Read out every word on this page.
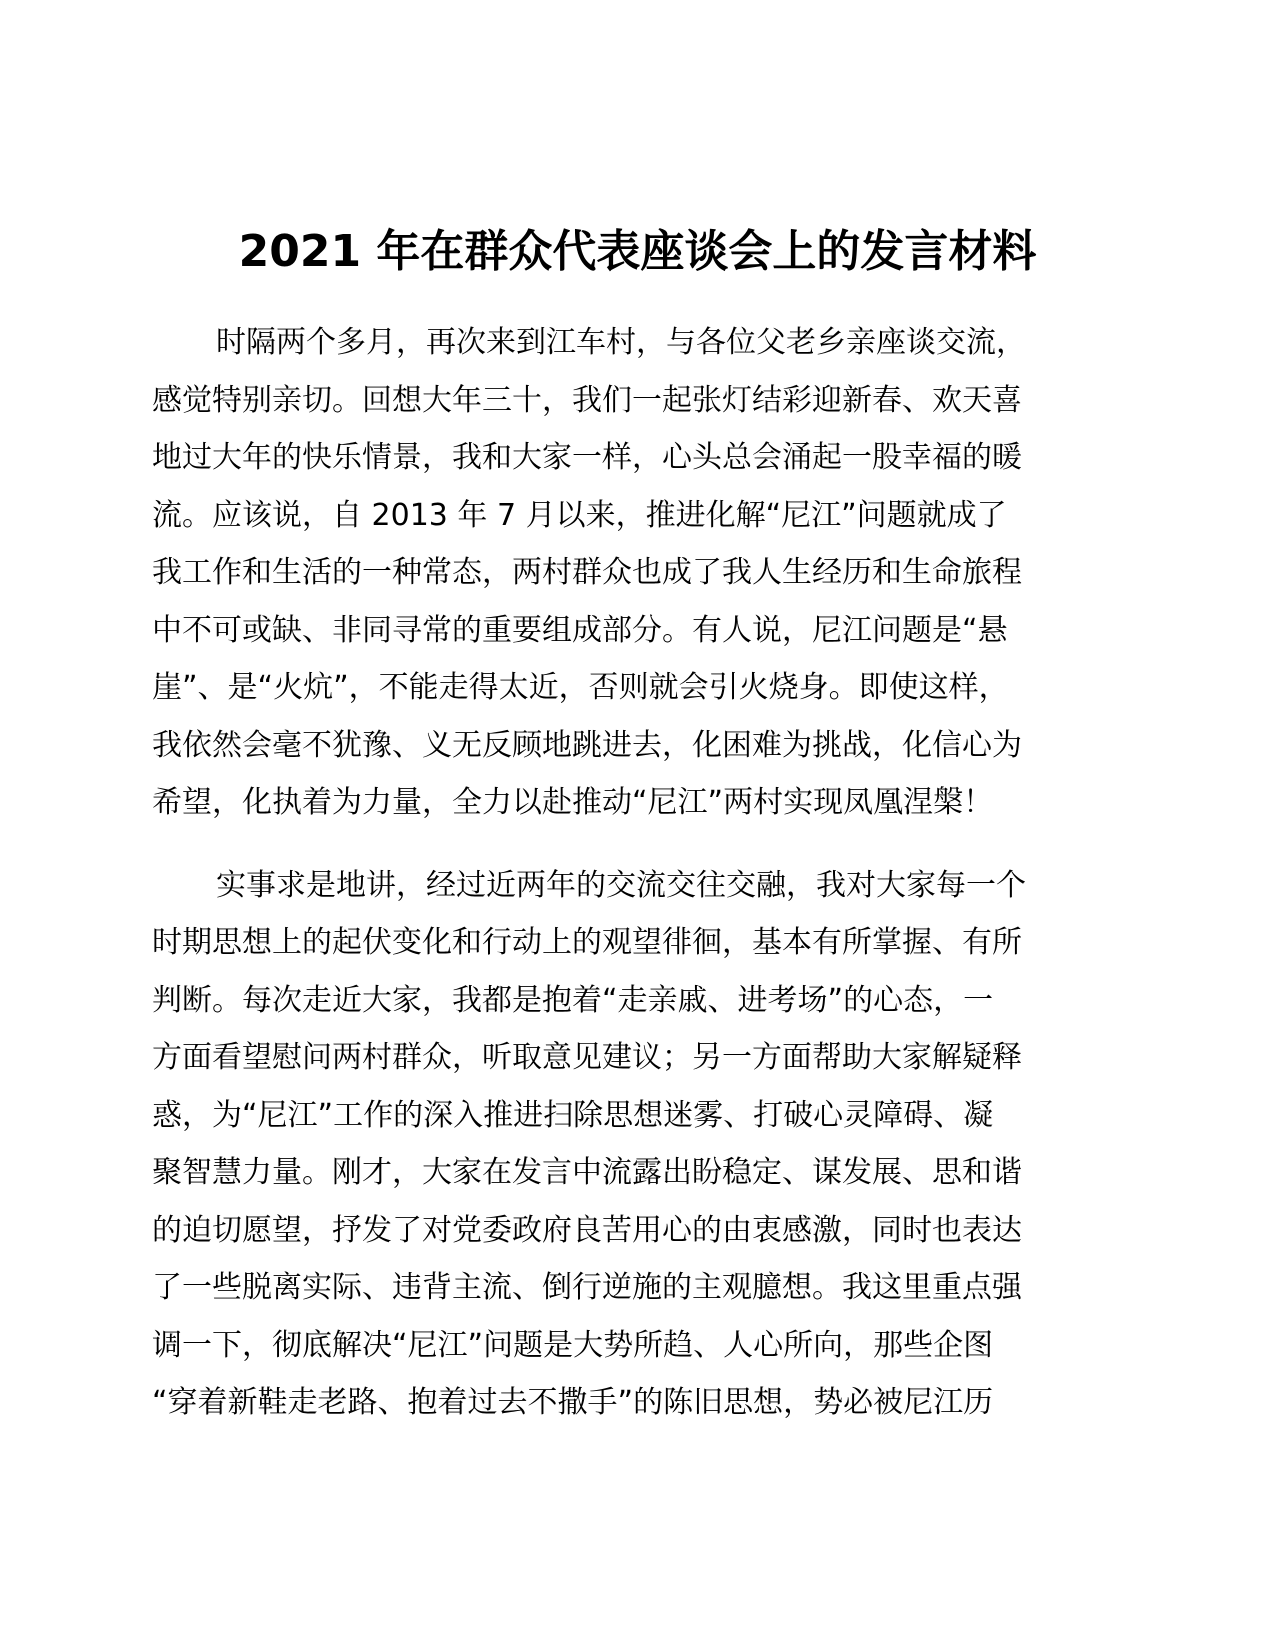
2021 年在群众代表座谈会上的发言材料
时隔两个多月，再次来到江车村，与各位父老乡亲座谈交流，
感觉特别亲切。回想大年三十，我们一起张灯结彩迎新春、欢天喜
地过大年的快乐情景，我和大家一样，心头总会涌起一股幸福的暖
流。应该说，自 2013 年 7 月以来，推进化解“尼江”问题就成了
我工作和生活的一种常态，两村群众也成了我人生经历和生命旅程
中不可或缺、非同寻常的重要组成部分。有人说，尼江问题是“悬
崖”、是“火炕”，不能走得太近，否则就会引火烧身。即使这样，
我依然会毫不犹豫、义无反顾地跳进去，化困难为挑战，化信心为
希望，化执着为力量，全力以赴推动“尼江”两村实现凤凰涅槃！
实事求是地讲，经过近两年的交流交往交融，我对大家每一个
时期思想上的起伏变化和行动上的观望徘徊，基本有所掌握、有所
判断。每次走近大家，我都是抱着“走亲戚、进考场”的心态，一
方面看望慰问两村群众，听取意见建议；另一方面帮助大家解疑释
惑，为“尼江”工作的深入推进扫除思想迷雾、打破心灵障碍、凝
聚智慧力量。刚才，大家在发言中流露出盼稳定、谋发展、思和谐
的迫切愿望，抒发了对党委政府良苦用心的由衷感激，同时也表达
了一些脱离实际、违背主流、倒行逆施的主观臆想。我这里重点强
调一下，彻底解决“尼江”问题是大势所趋、人心所向，那些企图
“穿着新鞋走老路、抱着过去不撒手”的陈旧思想，势必被尼江历
